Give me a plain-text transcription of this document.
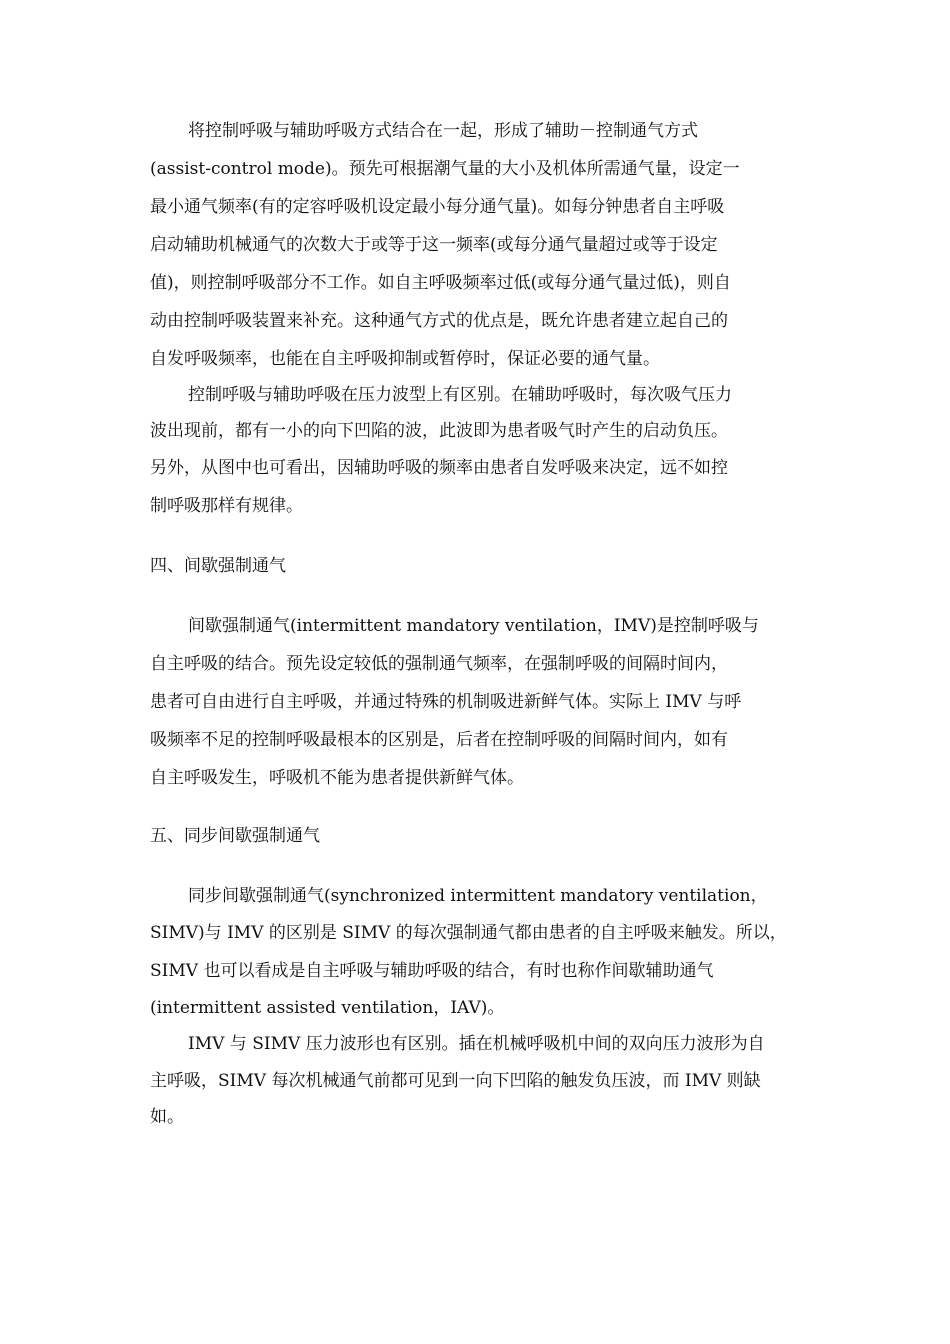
将控制呼吸与辅助呼吸方式结合在一起，形成了辅助－控制通气方式
(assist-control mode)。预先可根据潮气量的大小及机体所需通气量，设定一
最小通气频率(有的定容呼吸机设定最小每分通气量)。如每分钟患者自主呼吸
启动辅助机械通气的次数大于或等于这一频率(或每分通气量超过或等于设定
值)，则控制呼吸部分不工作。如自主呼吸频率过低(或每分通气量过低)，则自
动由控制呼吸装置来补充。这种通气方式的优点是，既允许患者建立起自己的
自发呼吸频率，也能在自主呼吸抑制或暂停时，保证必要的通气量。
控制呼吸与辅助呼吸在压力波型上有区别。在辅助呼吸时，每次吸气压力
波出现前，都有一小的向下凹陷的波，此波即为患者吸气时产生的启动负压。
另外，从图中也可看出，因辅助呼吸的频率由患者自发呼吸来决定，远不如控
制呼吸那样有规律。
四、间歇强制通气
间歇强制通气(intermittent mandatory ventilation，IMV)是控制呼吸与
自主呼吸的结合。预先设定较低的强制通气频率，在强制呼吸的间隔时间内，
患者可自由进行自主呼吸，并通过特殊的机制吸进新鲜气体。实际上 IMV 与呼
吸频率不足的控制呼吸最根本的区别是，后者在控制呼吸的间隔时间内，如有
自主呼吸发生，呼吸机不能为患者提供新鲜气体。
五、同步间歇强制通气
同步间歇强制通气(synchronized intermittent mandatory ventilation，
SIMV)与 IMV 的区别是 SIMV 的每次强制通气都由患者的自主呼吸来触发。所以，
SIMV 也可以看成是自主呼吸与辅助呼吸的结合，有时也称作间歇辅助通气
(intermittent assisted ventilation，IAV)。
IMV 与 SIMV 压力波形也有区别。插在机械呼吸机中间的双向压力波形为自
主呼吸，SIMV 每次机械通气前都可见到一向下凹陷的触发负压波，而 IMV 则缺
如。
